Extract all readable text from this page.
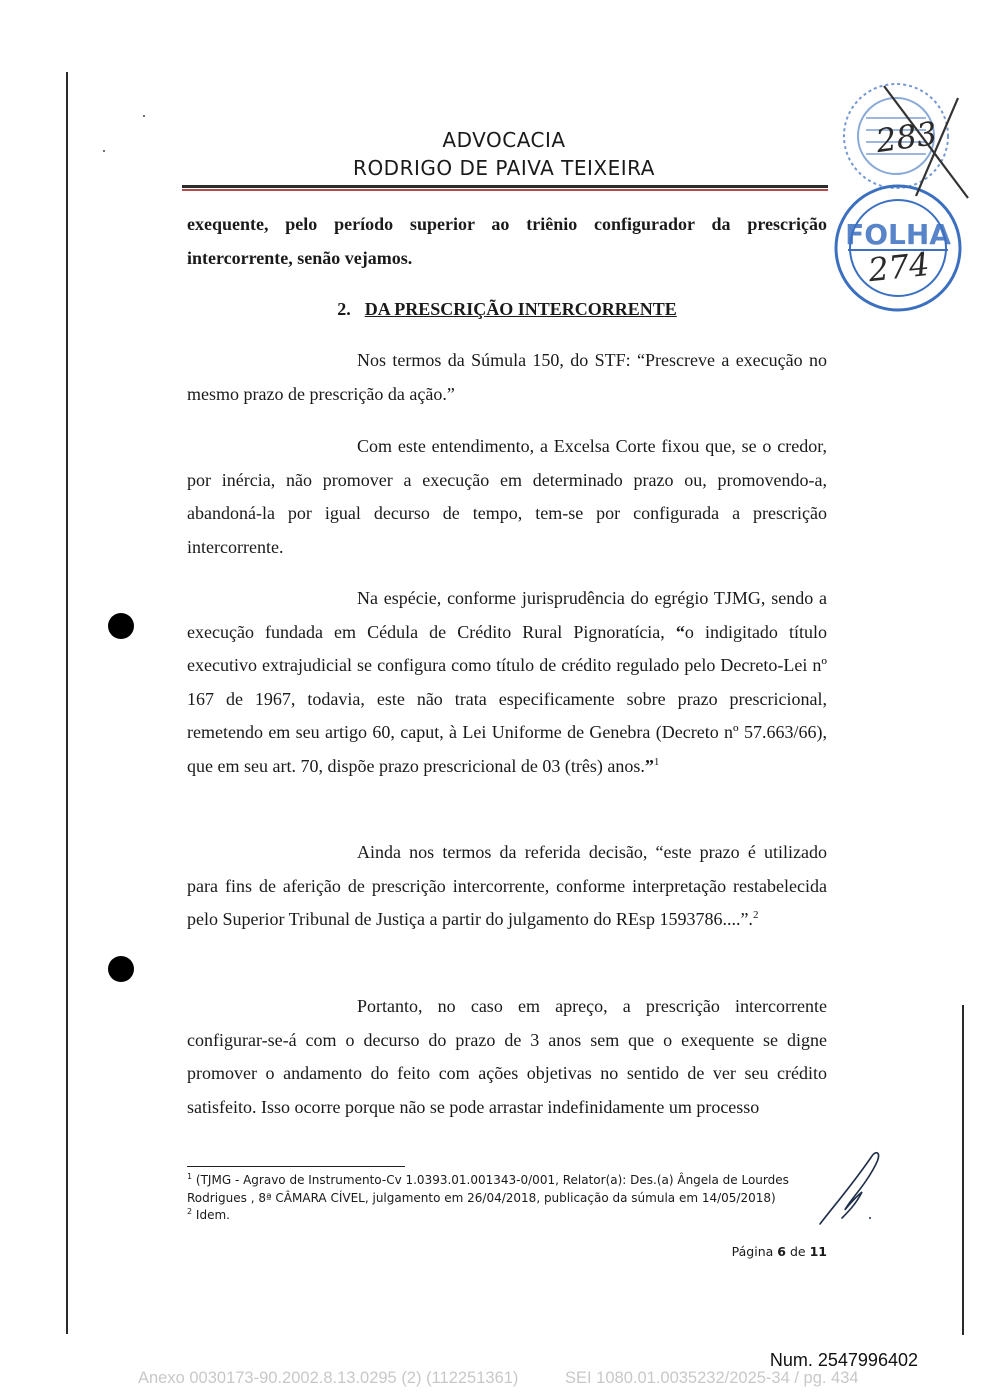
ADVOCACIA
RODRIGO DE PAIVA TEIXEIRA
FOLHA
283
274
exequente, pelo período superior ao triênio configurador da prescrição intercorrente, senão vejamos.
2. DA PRESCRIÇÃO INTERCORRENTE
Nos termos da Súmula 150, do STF: “Prescreve a execução no mesmo prazo de prescrição da ação.”
Com este entendimento, a Excelsa Corte fixou que, se o credor, por inércia, não promover a execução em determinado prazo ou, promovendo-a, abandoná-la por igual decurso de tempo, tem-se por configurada a prescrição intercorrente.
Na espécie, conforme jurisprudência do egrégio TJMG, sendo a execução fundada em Cédula de Crédito Rural Pignoratícia, “o indigitado título executivo extrajudicial se configura como título de crédito regulado pelo Decreto-Lei nº 167 de 1967, todavia, este não trata especificamente sobre prazo prescricional, remetendo em seu artigo 60, caput, à Lei Uniforme de Genebra (Decreto nº 57.663/66), que em seu art. 70, dispõe prazo prescricional de 03 (três) anos.”$^1$
Ainda nos termos da referida decisão, “este prazo é utilizado para fins de aferição de prescrição intercorrente, conforme interpretação restabelecida pelo Superior Tribunal de Justiça a partir do julgamento do REsp 1593786....”.$^2$
Portanto, no caso em apreço, a prescrição intercorrente configurar-se-á com o decurso do prazo de 3 anos sem que o exequente se digne promover o andamento do feito com ações objetivas no sentido de ver seu crédito satisfeito. Isso ocorre porque não se pode arrastar indefinidamente um processo
$^1$ (TJMG - Agravo de Instrumento-Cv 1.0393.01.001343-0/001, Relator(a): Des.(a) Ângela de Lourdes Rodrigues , 8ª CÂMARA CÍVEL, julgamento em 26/04/2018, publicação da súmula em 14/05/2018)
$^2$ Idem.
Página 6 de 11
Num. 2547996402
Anexo 0030173-90.2002.8.13.0295 (2) (112251361)	SEI 1080.01.0035232/2025-34 / pg. 434
